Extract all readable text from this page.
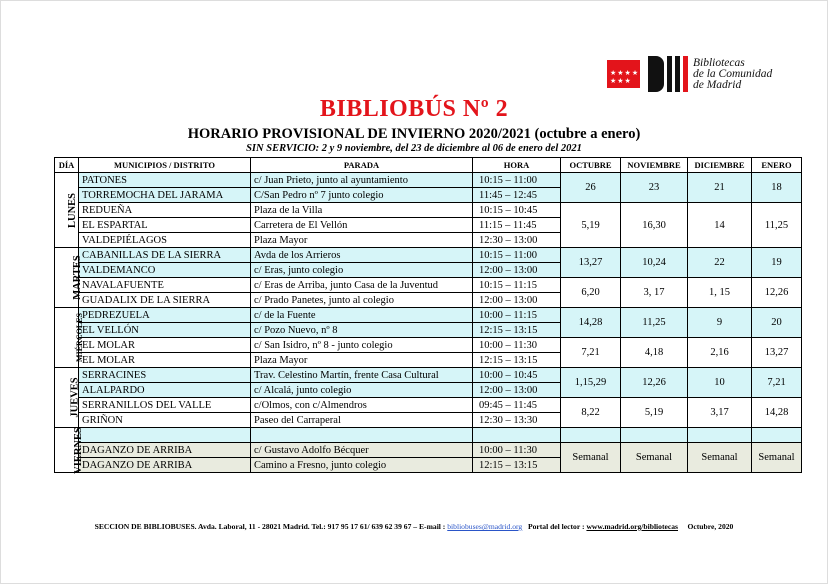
★★★★
★★★
Bibliotecas
de la Comunidad
de Madrid
BIBLIOBÚS Nº 2
HORARIO PROVISIONAL DE INVIERNO 2020/2021 (octubre a enero)
SIN SERVICIO: 2 y 9 noviembre, del 23 de diciembre al 06 de enero del 2021
DÍA	MUNICIPIOS / DISTRITO	PARADA	HORA	OCTUBRE	NOVIEMBRE	DICIEMBRE	ENERO
LUNES	PATONES	c/ Juan Prieto, junto al ayuntamiento	10:15 – 11:00	26	23	21	18
	TORREMOCHA DEL JARAMA	C/San Pedro nº 7 junto colegio	11:45 – 12:45				
	REDUEÑA	Plaza de la Villa	10:15 – 10:45	5,19	16,30	14	11,25
	EL ESPARTAL	Carretera de El Vellón	11:15 – 11:45				
	VALDEPIÉLAGOS	Plaza Mayor	12:30 – 13:00				
MARTES	CABANILLAS DE LA SIERRA	Avda de los Arrieros	10:15 – 11:00	13,27	10,24	22	19
	VALDEMANCO	c/ Eras, junto colegio	12:00 – 13:00				
	NAVALAFUENTE	c/ Eras de Arriba, junto Casa de la Juventud	10:15 – 11:15	6,20	3, 17	1, 15	12,26
	GUADALIX DE LA SIERRA	c/ Prado Panetes, junto al colegio	12:00 – 13:00				
MIÉRCOLES	PEDREZUELA	c/ de la Fuente	10:00 – 11:15	14,28	11,25	9	20
	EL VELLÓN	c/ Pozo Nuevo, nº 8	12:15 – 13:15				
	EL MOLAR	c/ San Isidro, nº 8 - junto colegio	10:00 – 11:30	7,21	4,18	2,16	13,27
	EL MOLAR	Plaza Mayor	12:15 – 13:15				
JUEVES	SERRACINES	Trav. Celestino Martín, frente Casa Cultural	10:00 – 10:45	1,15,29	12,26	10	7,21
	ALALPARDO	c/ Alcalá, junto colegio	12:00 – 13:00				
	SERRANILLOS DEL VALLE	c/Olmos, con c/Almendros	09:45 – 11:45	8,22	5,19	3,17	14,28
	GRIÑON	Paseo del Carraperal	12:30 – 13:30				
VIERNES							
	DAGANZO DE ARRIBA	c/ Gustavo Adolfo Bécquer	10:00 – 11:30	Semanal	Semanal	Semanal	Semanal
	DAGANZO DE ARRIBA	Camino a Fresno, junto colegio	12:15 – 13:15				
SECCION DE BIBLIOBUSES. Avda. Laboral, 11 - 28021 Madrid. Tel.: 917 95 17 61/ 639 62 39 67 – E-mail : bibliobuses@madrid.org Portal del lector : www.madrid.org/bibliotecas Octubre, 2020
